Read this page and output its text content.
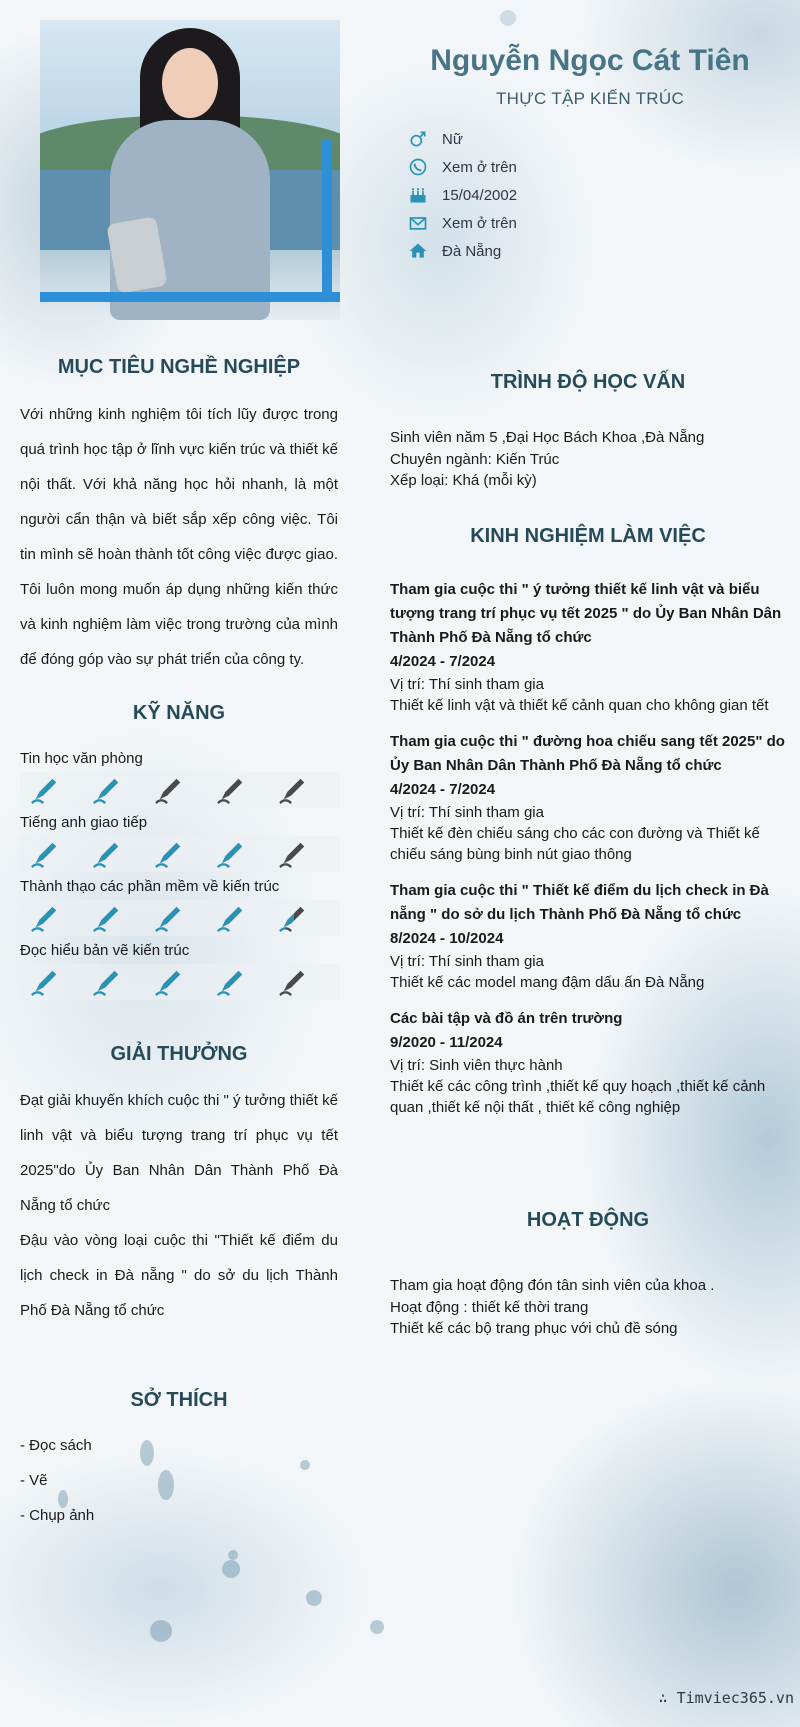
Nguyễn Ngọc Cát Tiên
THỰC TẬP KIẾN TRÚC
Nữ
Xem ở trên
15/04/2002
Xem ở trên
Đà Nẵng
MỤC TIÊU NGHỀ NGHIỆP
Với những kinh nghiệm tôi tích lũy được trong quá trình học tập ở lĩnh vực kiến trúc và thiết kế nội thất. Với khả năng học hỏi nhanh, là một người cẩn thận và biết sắp xếp công việc. Tôi tin mình sẽ hoàn thành tốt công việc được giao. Tôi luôn mong muốn áp dụng những kiến thức và kinh nghiệm làm việc trong trường của mình để đóng góp vào sự phát triển của công ty.
KỸ NĂNG
Tin học văn phòng
Tiếng anh giao tiếp
Thành thạo các phần mềm về kiến trúc
Đọc hiểu bản vẽ kiến trúc
GIẢI THƯỞNG
Đạt giải khuyến khích cuộc thi " ý tưởng thiết kế linh vật và biểu tượng trang trí phục vụ tết 2025"do Ủy Ban Nhân Dân Thành Phố Đà Nẵng tổ chức
Đậu vào vòng loại cuộc thi "Thiết kế điểm du lịch check in Đà nẵng " do sở du lịch Thành Phố Đà Nẵng tổ chức
SỞ THÍCH
- Đọc sách
- Vẽ
- Chụp ảnh
TRÌNH ĐỘ HỌC VẤN
Sinh viên năm 5 ,Đại Học Bách Khoa ,Đà Nẵng
Chuyên ngành: Kiến Trúc
Xếp loại: Khá (mỗi kỳ)
KINH NGHIỆM LÀM VIỆC
Tham gia cuộc thi " ý tưởng thiết kế linh vật và biểu tượng trang trí phục vụ tết 2025 " do Ủy Ban Nhân Dân Thành Phố Đà Nẵng tổ chức
4/2024 - 7/2024
Vị trí: Thí sinh tham gia
Thiết kế linh vật và thiết kế cảnh quan cho không gian tết
Tham gia cuộc thi " đường hoa chiếu sang tết 2025" do Ủy Ban Nhân Dân Thành Phố Đà Nẵng tổ chức
4/2024 - 7/2024
Vị trí: Thí sinh tham gia
Thiết kế đèn chiếu sáng cho các con đường và Thiết kế chiếu sáng bùng binh nút giao thông
Tham gia cuộc thi " Thiết kế điểm du lịch check in Đà nẵng " do sở du lịch Thành Phố Đà Nẵng tổ chức
8/2024 - 10/2024
Vị trí: Thí sinh tham gia
Thiết kế các model mang đậm dấu ấn Đà Nẵng
Các bài tập và đồ án trên trường
9/2020 - 11/2024
Vị trí: Sinh viên thực hành
Thiết kế các công trình ,thiết kế quy hoạch ,thiết kế cảnh quan ,thiết kế nội thất , thiết kế công nghiệp
HOẠT ĐỘNG
Tham gia hoạt động đón tân sinh viên của khoa .
Hoạt động : thiết kế thời trang
Thiết kế các bộ trang phục với chủ đề sóng
∴ Timviec365.vn
